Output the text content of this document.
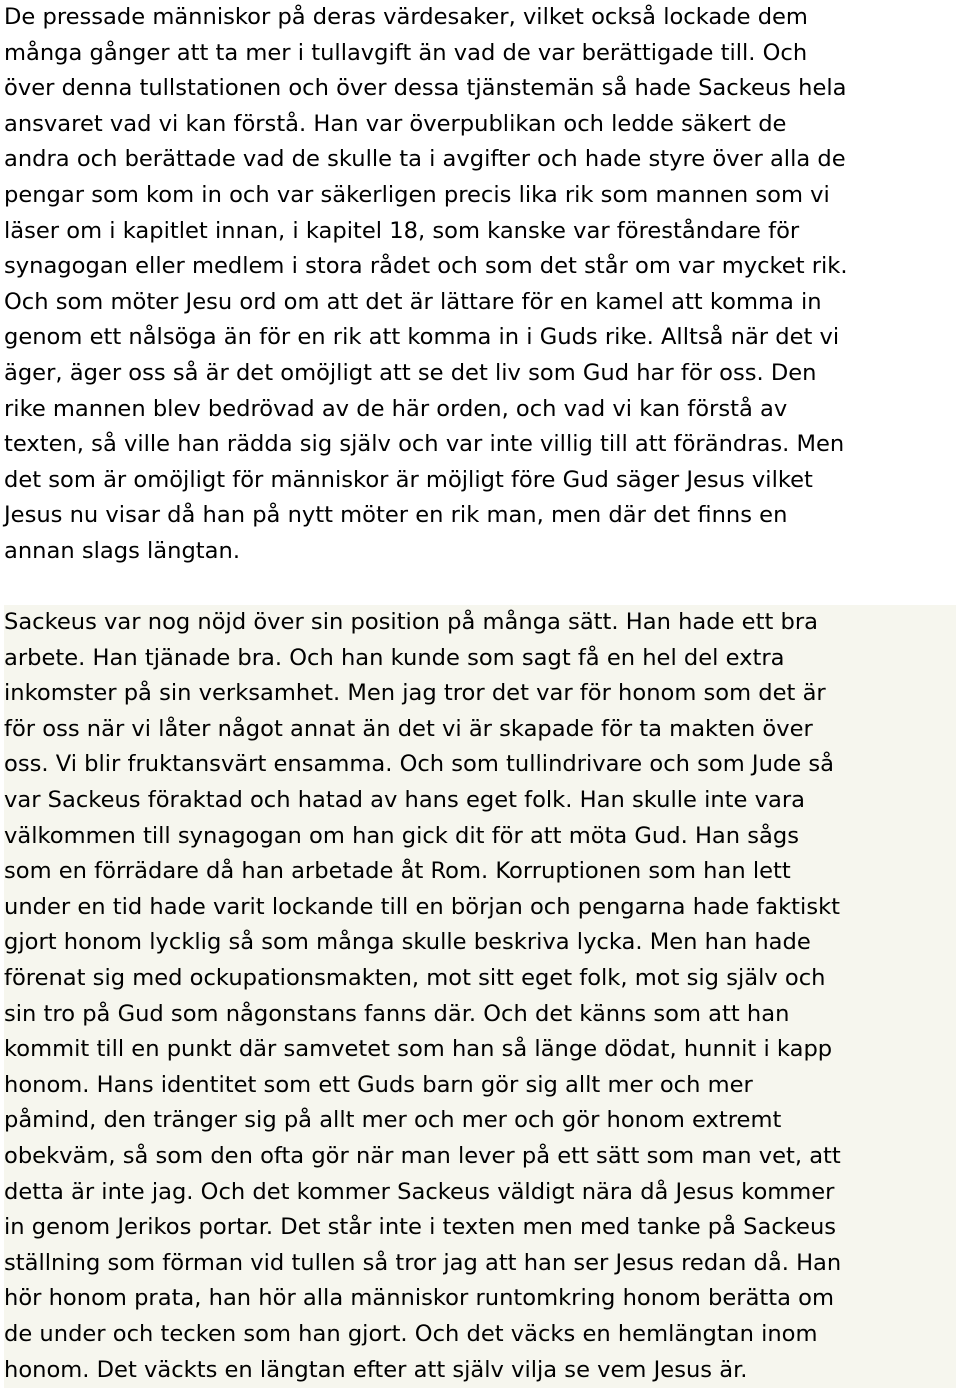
De pressade människor på deras värdesaker, vilket också lockade dem
många gånger att ta mer i tullavgift än vad de var berättigade till. Och
över denna tullstationen och över dessa tjänstemän så hade Sackeus hela
ansvaret vad vi kan förstå. Han var överpublikan och ledde säkert de
andra och berättade vad de skulle ta i avgifter och hade styre över alla de
pengar som kom in och var säkerligen precis lika rik som mannen som vi
läser om i kapitlet innan, i kapitel 18, som kanske var föreståndare för
synagogan eller medlem i stora rådet och som det står om var mycket rik.
Och som möter Jesu ord om att det är lättare för en kamel att komma in
genom ett nålsöga än för en rik att komma in i Guds rike. Alltså när det vi
äger, äger oss så är det omöjligt att se det liv som Gud har för oss. Den
rike mannen blev bedrövad av de här orden, och vad vi kan förstå av
texten, så ville han rädda sig själv och var inte villig till att förändras. Men
det som är omöjligt för människor är möjligt före Gud säger Jesus vilket
Jesus nu visar då han på nytt möter en rik man, men där det finns en
annan slags längtan.

Sackeus var nog nöjd över sin position på många sätt. Han hade ett bra
arbete. Han tjänade bra. Och han kunde som sagt få en hel del extra
inkomster på sin verksamhet. Men jag tror det var för honom som det är
för oss när vi låter något annat än det vi är skapade för ta makten över
oss. Vi blir fruktansvärt ensamma. Och som tullindrivare och som Jude så
var Sackeus föraktad och hatad av hans eget folk. Han skulle inte vara
välkommen till synagogan om han gick dit för att möta Gud. Han sågs
som en förrädare då han arbetade åt Rom. Korruptionen som han lett
under en tid hade varit lockande till en början och pengarna hade faktiskt
gjort honom lycklig så som många skulle beskriva lycka. Men han hade
förenat sig med ockupationsmakten, mot sitt eget folk, mot sig själv och
sin tro på Gud som någonstans fanns där. Och det känns som att han
kommit till en punkt där samvetet som han så länge dödat, hunnit i kapp
honom. Hans identitet som ett Guds barn gör sig allt mer och mer
påmind, den tränger sig på allt mer och mer och gör honom extremt
obekväm, så som den ofta gör när man lever på ett sätt som man vet, att
detta är inte jag. Och det kommer Sackeus väldigt nära då Jesus kommer
in genom Jerikos portar. Det står inte i texten men med tanke på Sackeus
ställning som förman vid tullen så tror jag att han ser Jesus redan då. Han
hör honom prata, han hör alla människor runtomkring honom berätta om
de under och tecken som han gjort. Och det väcks en hemlängtan inom
honom. Det väckts en längtan efter att själv vilja se vem Jesus är.
